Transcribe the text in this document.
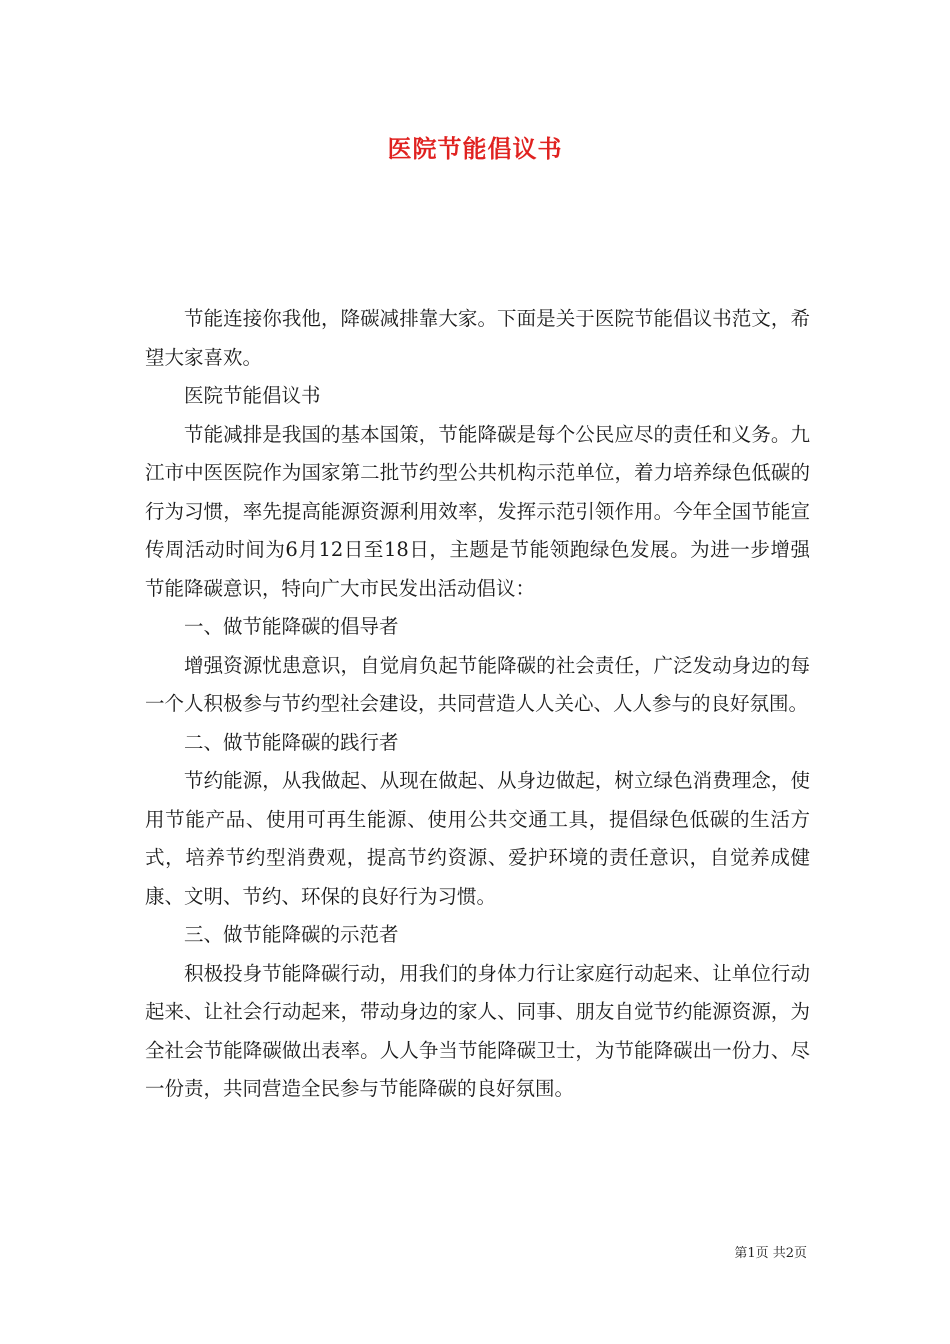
医院节能倡议书

节能连接你我他，降碳减排靠大家。下面是关于医院节能倡议书范文，希望大家喜欢。

医院节能倡议书

节能减排是我国的基本国策，节能降碳是每个公民应尽的责任和义务。九江市中医医院作为国家第二批节约型公共机构示范单位，着力培养绿色低碳的行为习惯，率先提高能源资源利用效率，发挥示范引领作用。今年全国节能宣传周活动时间为6月12日至18日，主题是节能领跑绿色发展。为进一步增强节能降碳意识，特向广大市民发出活动倡议：

一、做节能降碳的倡导者

增强资源忧患意识，自觉肩负起节能降碳的社会责任，广泛发动身边的每一个人积极参与节约型社会建设，共同营造人人关心、人人参与的良好氛围。

二、做节能降碳的践行者

节约能源，从我做起、从现在做起、从身边做起，树立绿色消费理念，使用节能产品、使用可再生能源、使用公共交通工具，提倡绿色低碳的生活方式，培养节约型消费观，提高节约资源、爱护环境的责任意识，自觉养成健康、文明、节约、环保的良好行为习惯。

三、做节能降碳的示范者

积极投身节能降碳行动，用我们的身体力行让家庭行动起来、让单位行动起来、让社会行动起来，带动身边的家人、同事、朋友自觉节约能源资源，为全社会节能降碳做出表率。人人争当节能降碳卫士，为节能降碳出一份力、尽一份责，共同营造全民参与节能降碳的良好氛围。

第1页 共2页
